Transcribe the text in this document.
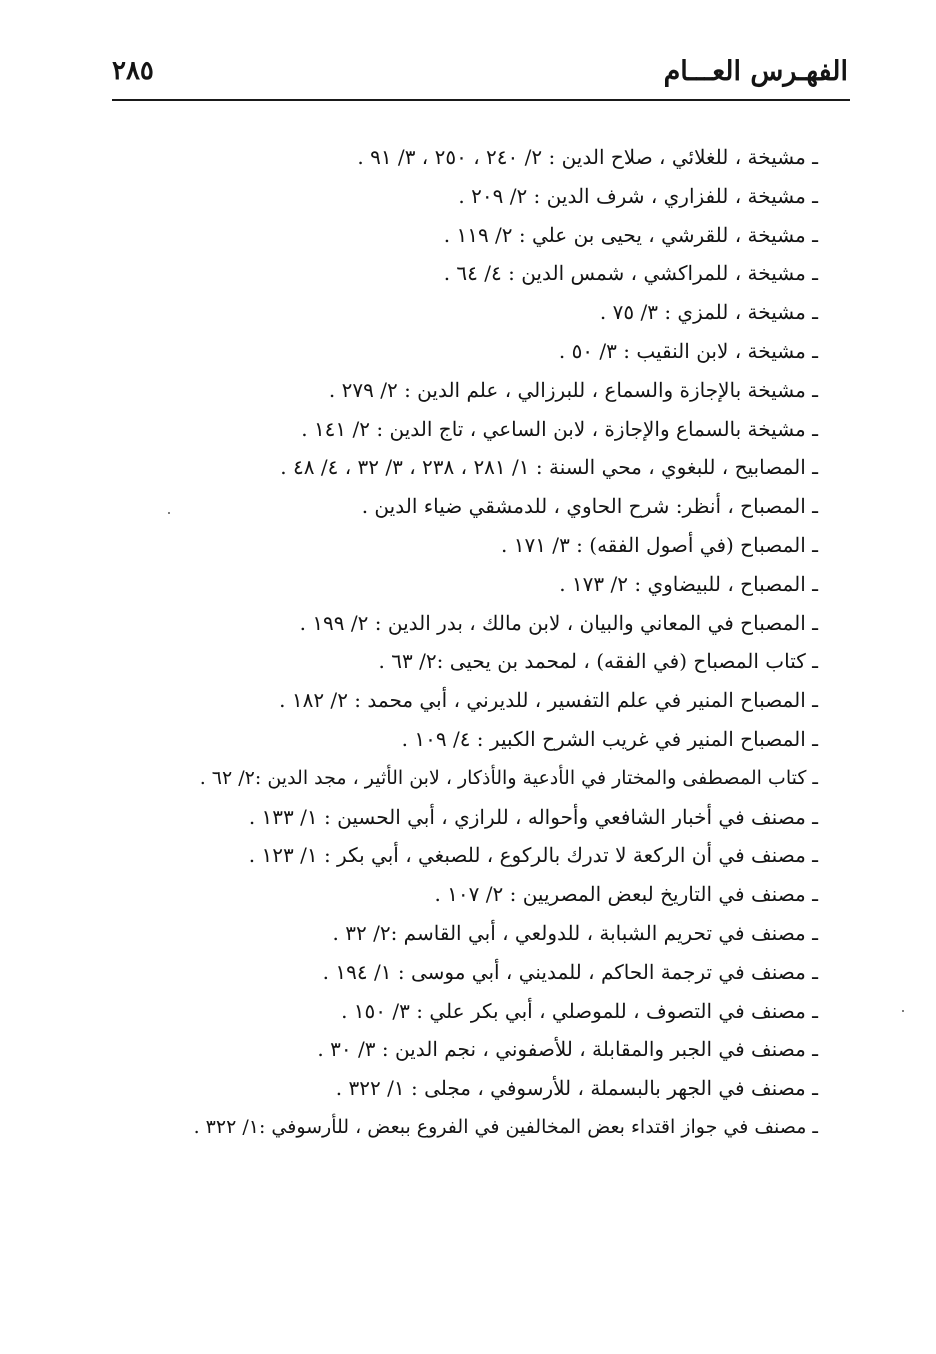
الفهـرس العـــام
٢٨٥
ـ مشيخة ، للغلائي ، صلاح الدين : ٢/ ٢٤٠ ، ٢٥٠ ، ٣/ ٩١ .
ـ مشيخة ، للفزاري ، شرف الدين : ٢/ ٢٠٩ .
ـ مشيخة ، للقرشي ، يحيى بن علي : ٢/ ١١٩ .
ـ مشيخة ، للمراكشي ، شمس الدين : ٤/ ٦٤ .
ـ مشيخة ، للمزي : ٣/ ٧٥ .
ـ مشيخة ، لابن النقيب : ٣/ ٥٠ .
ـ مشيخة بالإجازة والسماع ، للبرزالي ، علم الدين : ٢/ ٢٧٩ .
ـ مشيخة بالسماع والإجازة ، لابن الساعي ، تاج الدين : ٢/ ١٤١ .
ـ المصابيح ، للبغوي ، محي السنة : ١/ ٢٨١ ، ٢٣٨ ، ٣/ ٣٢ ، ٤/ ٤٨ .
ـ المصباح ، أنظر: شرح الحاوي ، للدمشقي ضياء الدين .
ـ المصباح (في أصول الفقه) : ٣/ ١٧١ .
ـ المصباح ، للبيضاوي : ٢/ ١٧٣ .
ـ المصباح في المعاني والبيان ، لابن مالك ، بدر الدين : ٢/ ١٩٩ .
ـ كتاب المصباح (في الفقه) ، لمحمد بن يحيى :٢/ ٦٣ .
ـ المصباح المنير في علم التفسير ، للديرني ، أبي محمد : ٢/ ١٨٢ .
ـ المصباح المنير في غريب الشرح الكبير : ٤/ ١٠٩ .
ـ كتاب المصطفى والمختار في الأدعية والأذكار ، لابن الأثير ، مجد الدين :٢/ ٦٢ .
ـ مصنف في أخبار الشافعي وأحواله ، للرازي ، أبي الحسين : ١/ ١٣٣ .
ـ مصنف في أن الركعة لا تدرك بالركوع ، للصبغي ، أبي بكر : ١/ ١٢٣ .
ـ مصنف في التاريخ لبعض المصريين : ٢/ ١٠٧ .
ـ مصنف في تحريم الشبابة ، للدولعي ، أبي القاسم :٢/ ٣٢ .
ـ مصنف في ترجمة الحاكم ، للمديني ، أبي موسى : ١/ ١٩٤ .
ـ مصنف في التصوف ، للموصلي ، أبي بكر علي : ٣/ ١٥٠ .
ـ مصنف في الجبر والمقابلة ، للأصفوني ، نجم الدين : ٣/ ٣٠ .
ـ مصنف في الجهر بالبسملة ، للأرسوفي ، مجلى : ١/ ٣٢٢ .
ـ مصنف في جواز اقتداء بعض المخالفين في الفروع ببعض ، للأرسوفي :١/ ٣٢٢ .
